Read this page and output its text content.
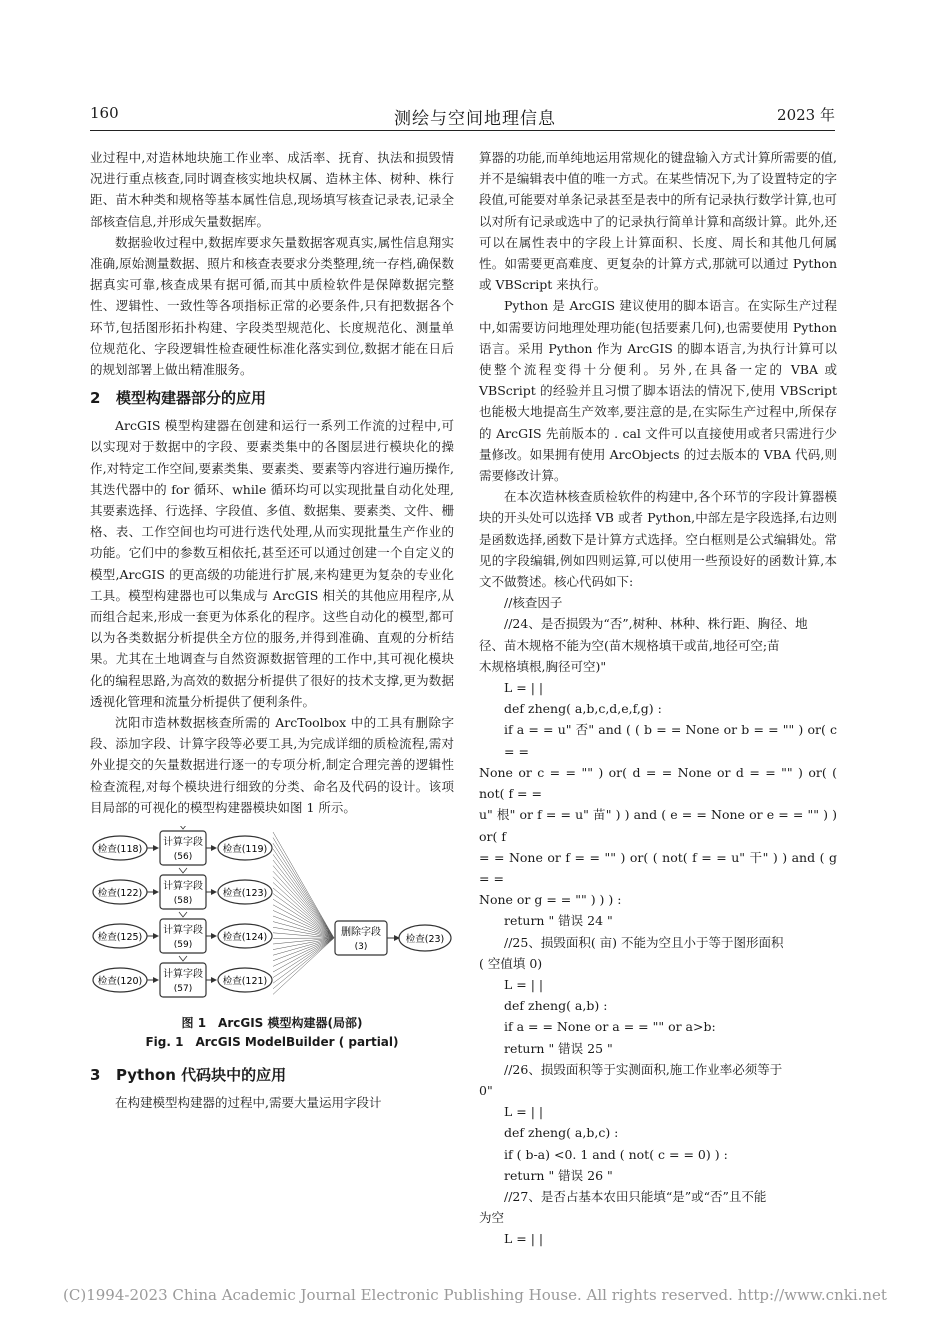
160	测绘与空间地理信息	2023 年

业过程中,对造林地块施工作业率、成活率、抚育、执法和损毁情况进行重点核查,同时调查核实地块权属、造林主体、树种、株行距、苗木种类和规格等基本属性信息,现场填写核查记录表,记录全部核查信息,并形成矢量数据库。

数据验收过程中,数据库要求矢量数据客观真实,属性信息翔实准确,原始测量数据、照片和核查表要求分类整理,统一存档,确保数据真实可靠,核查成果有据可循,而其中质检软件是保障数据完整性、逻辑性、一致性等各项指标正常的必要条件,只有把数据各个环节,包括图形拓扑构建、字段类型规范化、长度规范化、测量单位规范化、字段逻辑性检查硬性标准化落实到位,数据才能在日后的规划部署上做出精准服务。

2 模型构建器部分的应用

ArcGIS 模型构建器在创建和运行一系列工作流的过程中,可以实现对于数据中的字段、要素类集中的各图层进行模块化的操作,对特定工作空间,要素类集、要素类、要素等内容进行遍历操作,其迭代器中的 for 循环、while 循环均可以实现批量自动化处理,其要素选择、行选择、字段值、多值、数据集、要素类、文件、栅格、表、工作空间也均可进行迭代处理,从而实现批量生产作业的功能。它们中的参数互相依托,甚至还可以通过创建一个自定义的模型,ArcGIS 的更高级的功能进行扩展,来构建更为复杂的专业化工具。模型构建器也可以集成与 ArcGIS 相关的其他应用程序,从而组合起来,形成一套更为体系化的程序。这些自动化的模型,都可以为各类数据分析提供全方位的服务,并得到准确、直观的分析结果。尤其在土地调查与自然资源数据管理的工作中,其可视化模块化的编程思路,为高效的数据分析提供了很好的技术支撑,更为数据透视化管理和流量分析提供了便利条件。

沈阳市造林数据核查所需的 ArcToolbox 中的工具有删除字段、添加字段、计算字段等必要工具,为完成详细的质检流程,需对外业提交的矢量数据进行逐一的专项分析,制定合理完善的逻辑性检查流程,对每个模块进行细致的分类、命名及代码的设计。该项目局部的可视化的模型构建器模块如图 1 所示。

检查(118)
计算字段
(56)
检查(119)
检查(122)
计算字段
(58)
检查(123)
检查(125)
计算字段
(59)
检查(124)
检查(120)
计算字段
(57)
检查(121)
删除字段
(3)
检查(23)
图 1　ArcGIS 模型构建器(局部)
Fig. 1　ArcGIS ModelBuilder ( partial)
3 Python 代码块中的应用

在构建模型构建器的过程中,需要大量运用字段计

算器的功能,而单纯地运用常规化的键盘输入方式计算所需要的值,并不是编辑表中值的唯一方式。在某些情况下,为了设置特定的字段值,可能要对单条记录甚至是表中的所有记录执行数学计算,也可以对所有记录或选中了的记录执行简单计算和高级计算。此外,还可以在属性表中的字段上计算面积、长度、周长和其他几何属性。如需要更高难度、更复杂的计算方式,那就可以通过 Python 或 VBScript 来执行。

Python 是 ArcGIS 建议使用的脚本语言。在实际生产过程中,如需要访问地理处理功能(包括要素几何),也需要使用 Python 语言。采用 Python 作为 ArcGIS 的脚本语言,为执行计算可以使整个流程变得十分便利。另外,在具备一定的 VBA 或 VBScript 的经验并且习惯了脚本语法的情况下,使用 VBScript 也能极大地提高生产效率,要注意的是,在实际生产过程中,所保存的 ArcGIS 先前版本的 . cal 文件可以直接使用或者只需进行少量修改。如果拥有使用 ArcObjects 的过去版本的 VBA 代码,则需要修改计算。

在本次造林核查质检软件的构建中,各个环节的字段计算器模块的开头处可以选择 VB 或者 Python,中部左是字段选择,右边则是函数选择,函数下是计算方式选择。空白框则是公式编辑处。常见的字段编辑,例如四则运算,可以使用一些预设好的函数计算,本文不做赘述。核心代码如下:

//核查因子

//24、是否损毁为“否”,树种、林种、株行距、胸径、地

径、苗木规格不能为空(苗木规格填干或苗,地径可空;苗

木规格填根,胸径可空)"

L = | |

def zheng( a,b,c,d,e,f,g) :

if a = = u" 否" and ( ( b = = None or b = = "" ) or( c = =

None or c = = "" ) or( d = = None or d = = "" ) or( ( not( f = =

u" 根" or f = = u" 苗" ) ) and ( e = = None or e = = "" ) ) or( f

= = None or f = = "" ) or( ( not( f = = u" 干" ) ) and ( g = =

None or g = = "" ) ) ) :

return " 错误 24 "

//25、损毁面积( 亩) 不能为空且小于等于图形面积

( 空值填 0)

L = | |

def zheng( a,b) :

if a = = None or a = = "" or a>b:

return " 错误 25 "

//26、损毁面积等于实测面积,施工作业率必须等于

0"

L = | |

def zheng( a,b,c) :

if ( b-a) <0. 1 and ( not( c = = 0) ) :

return " 错误 26 "

//27、是否占基本农田只能填“是”或“否”且不能

为空

L = | |

(C)1994-2023 China Academic Journal Electronic Publishing House. All rights reserved. http://www.cnki.net
